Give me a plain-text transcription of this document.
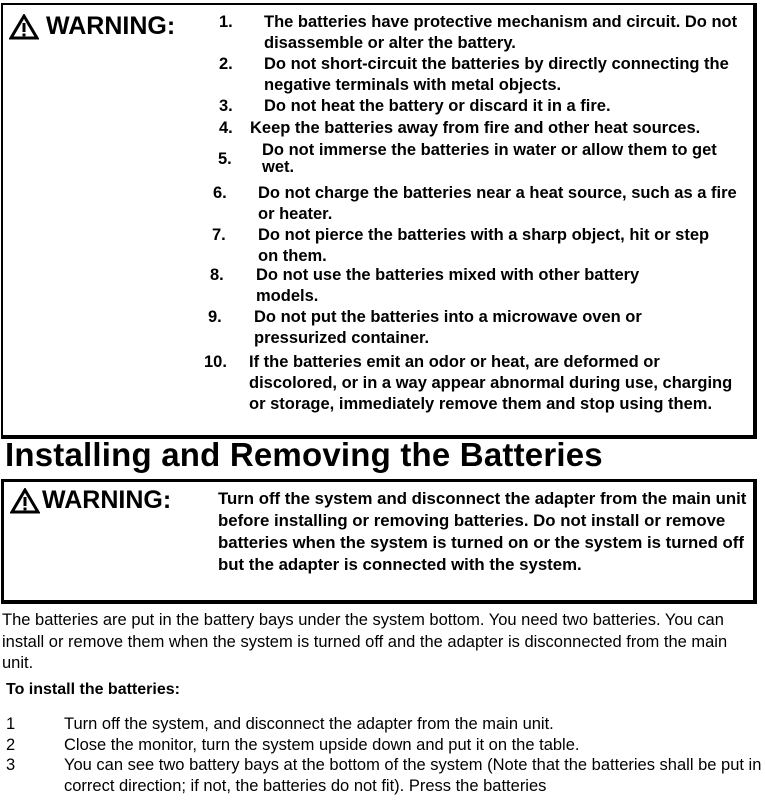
WARNING:	1. The batteries have protective mechanism and circuit. Do not disassemble or alter the battery.
2. Do not short-circuit the batteries by directly connecting the negative terminals with metal objects.
3. Do not heat the battery or discard it in a fire.
4. Keep the batteries away from fire and other heat sources.
5. Do not immerse the batteries in water or allow them to get wet.
6. Do not charge the batteries near a heat source, such as a fire or heater.
7. Do not pierce the batteries with a sharp object, hit or step on them.
8. Do not use the batteries mixed with other battery models.
9. Do not put the batteries into a microwave oven or pressurized container.
10. If the batteries emit an odor or heat, are deformed or discolored, or in a way appear abnormal during use, charging or storage, immediately remove them and stop using them.
Installing and Removing the Batteries
WARNING:	Turn off the system and disconnect the adapter from the main unit before installing or removing batteries. Do not install or remove batteries when the system is turned on or the system is turned off but the adapter is connected with the system.
The batteries are put in the battery bays under the system bottom. You need two batteries. You can install or remove them when the system is turned off and the adapter is disconnected from the main unit.
To install the batteries:
1	Turn off the system, and disconnect the adapter from the main unit.
2	Close the monitor, turn the system upside down and put it on the table.
3	You can see two battery bays at the bottom of the system (Note that the batteries shall be put in correct direction; if not, the batteries do not fit). Press the batteries
